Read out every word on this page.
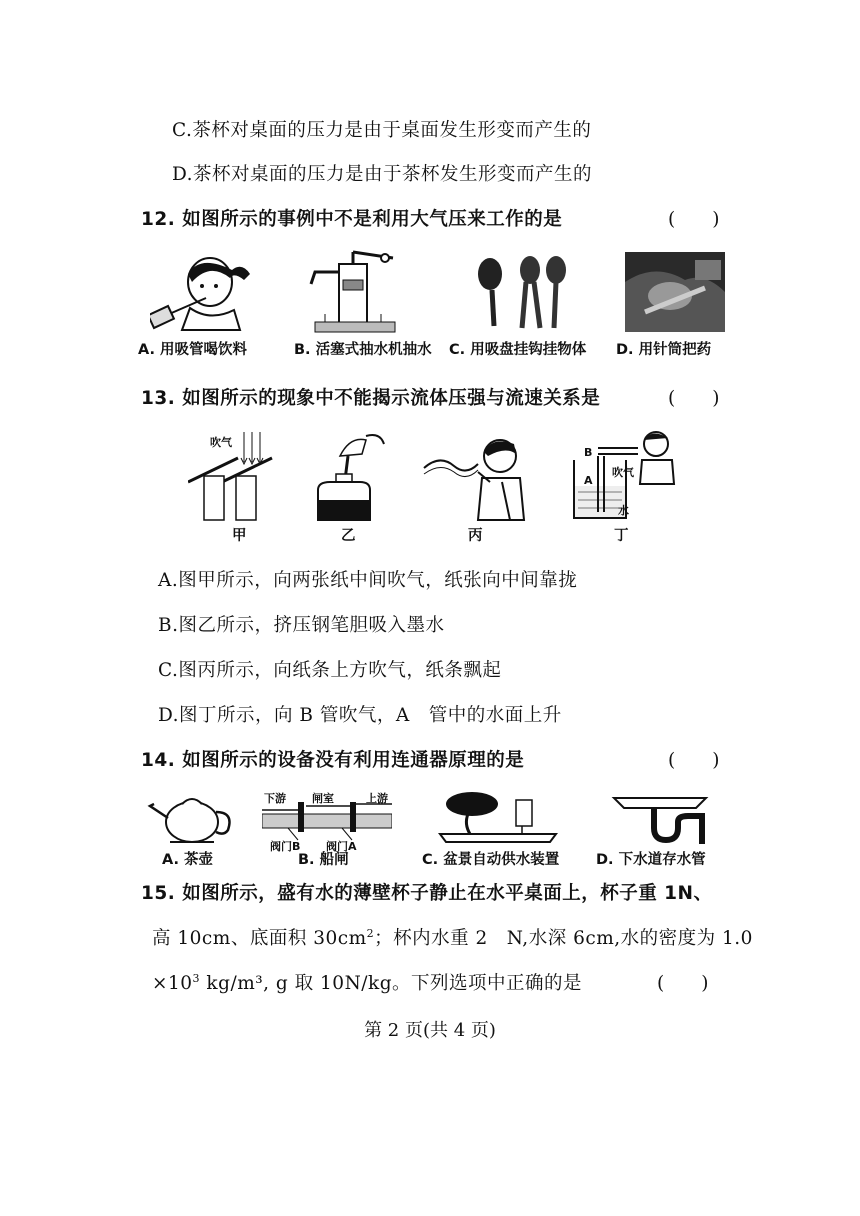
C.茶杯对桌面的压力是由于桌面发生形变而产生的
D.茶杯对桌面的压力是由于茶杯发生形变而产生的
12. 如图所示的事例中不是利用大气压来工作的是	(　　)
A. 用吸管喝饮料	B. 活塞式抽水机抽水 C. 用吸盘挂钩挂物体 D. 用针筒把药
13. 如图所示的现象中不能揭示流体压强与流速关系是	(　　)
吹气
甲	乙	丙
B
吹气
A
水
丁
A.图甲所示，向两张纸中间吹气，纸张向中间靠拢
B.图乙所示，挤压钢笔胆吸入墨水
C.图丙所示，向纸条上方吹气，纸条飘起
D.图丁所示，向 B 管吹气，A　管中的水面上升
14. 如图所示的设备没有利用连通器原理的是	(　　)
A. 茶壶
下游 闸室	上游
阀门B 阀门A
B. 船闸	C. 盆景自动供水装置	D. 下水道存水管
15. 如图所示，盛有水的薄壁杯子静止在水平桌面上，杯子重 1N、
高 10cm、底面积 $30cm^2$；杯内水重 2　N,水深 6cm,水的密度为 1.0
$\times 10^3$ kg/m³, g 取 10N/kg。下列选项中正确的是	(　　)
第 2 页(共 4 页)
